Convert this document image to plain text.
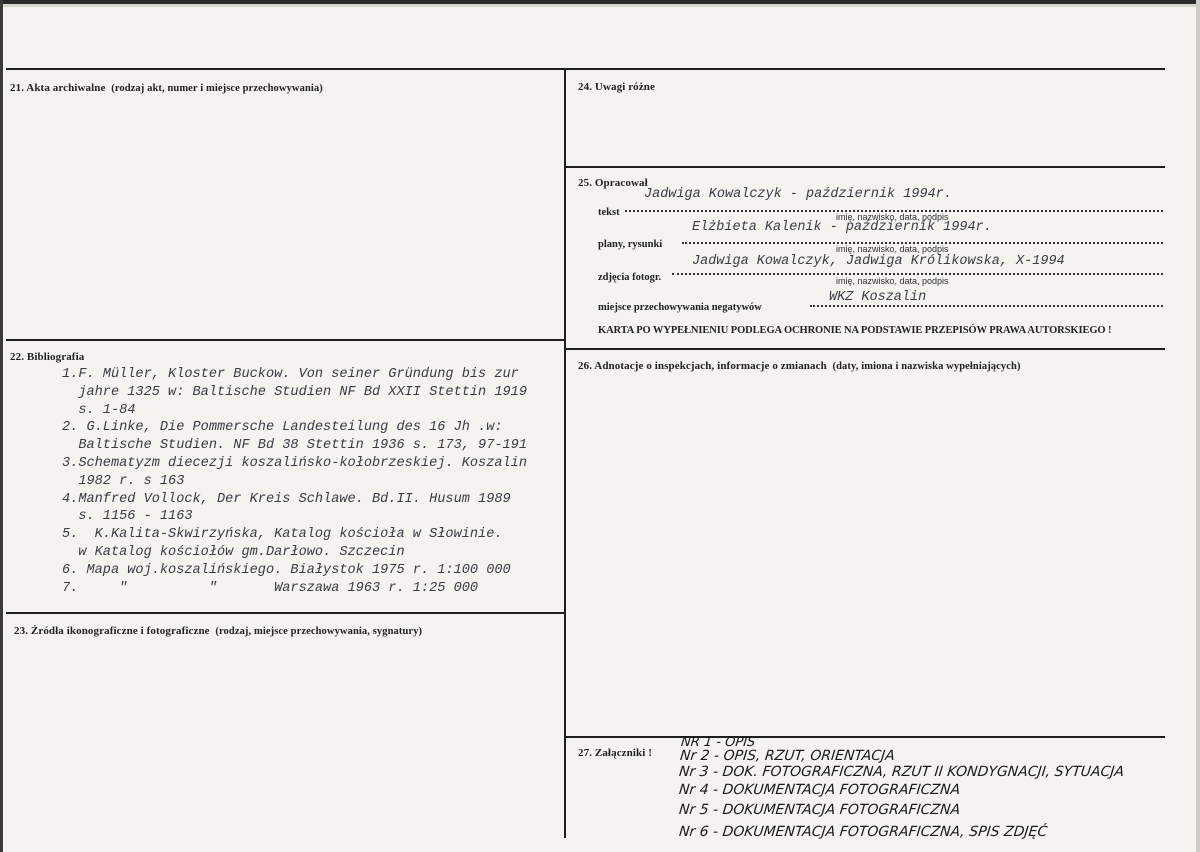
21. Akta archiwalne (rodzaj akt, numer i miejsce przechowywania)
22. Bibliografia
1.F. Müller, Kloster Buckow. Von seiner Gründung bis zur
jahre 1325 w: Baltische Studien NF Bd XXII Stettin 1919
s. 1-84
2. G.Linke, Die Pommersche Landesteilung des 16 Jh .w:
Baltische Studien. NF Bd 38 Stettin 1936 s. 173, 97-191
3.Schematyzm diecezji koszalińsko-kołobrzeskiej. Koszalin
1982 r. s 163
4.Manfred Vollock, Der Kreis Schlawe. Bd.II. Husum 1989
s. 1156 - 1163
5.  K.Kalita-Skwirzyńska, Katalog kościoła w Słowinie.
w Katalog kościołów gm.Darłowo. Szczecin
6. Mapa woj.koszalińskiego. Białystok 1975 r. 1:100 000
7.     "          "       Warszawa 1963 r. 1:25 000
23. Źródła ikonograficzne i fotograficzne (rodzaj, miejsce przechowywania, sygnatury)
24. Uwagi różne
25. Opracował
Jadwiga Kowalczyk - październik 1994r.
tekst	imię, nazwisko, data, podpis
Elżbieta Kalenik - październik 1994r.
plany, rysunki	imię, nazwisko, data, podpis
Jadwiga Kowalczyk, Jadwiga Królikowska, X-1994
zdjęcia fotogr.	imię, nazwisko, data, podpis
WKZ Koszalin
miejsce przechowywania negatywów
KARTA PO WYPEŁNIENIU PODLEGA OCHRONIE NA PODSTAWIE PRZEPISÓW PRAWA AUTORSKIEGO !
26. Adnotacje o inspekcjach, informacje o zmianach (daty, imiona i nazwiska wypełniających)
27. Załączniki !
NR 1 - OPIS
Nr 2 - OPIS, RZUT, ORIENTACJA
Nr 3 - DOK. FOTOGRAFICZNA, RZUT II KONDYGNACJI, SYTUACJA
Nr 4 - DOKUMENTACJA FOTOGRAFICZNA
Nr 5 - DOKUMENTACJA FOTOGRAFICZNA
Nr 6 - DOKUMENTACJA FOTOGRAFICZNA, SPIS ZDJĘĆ
